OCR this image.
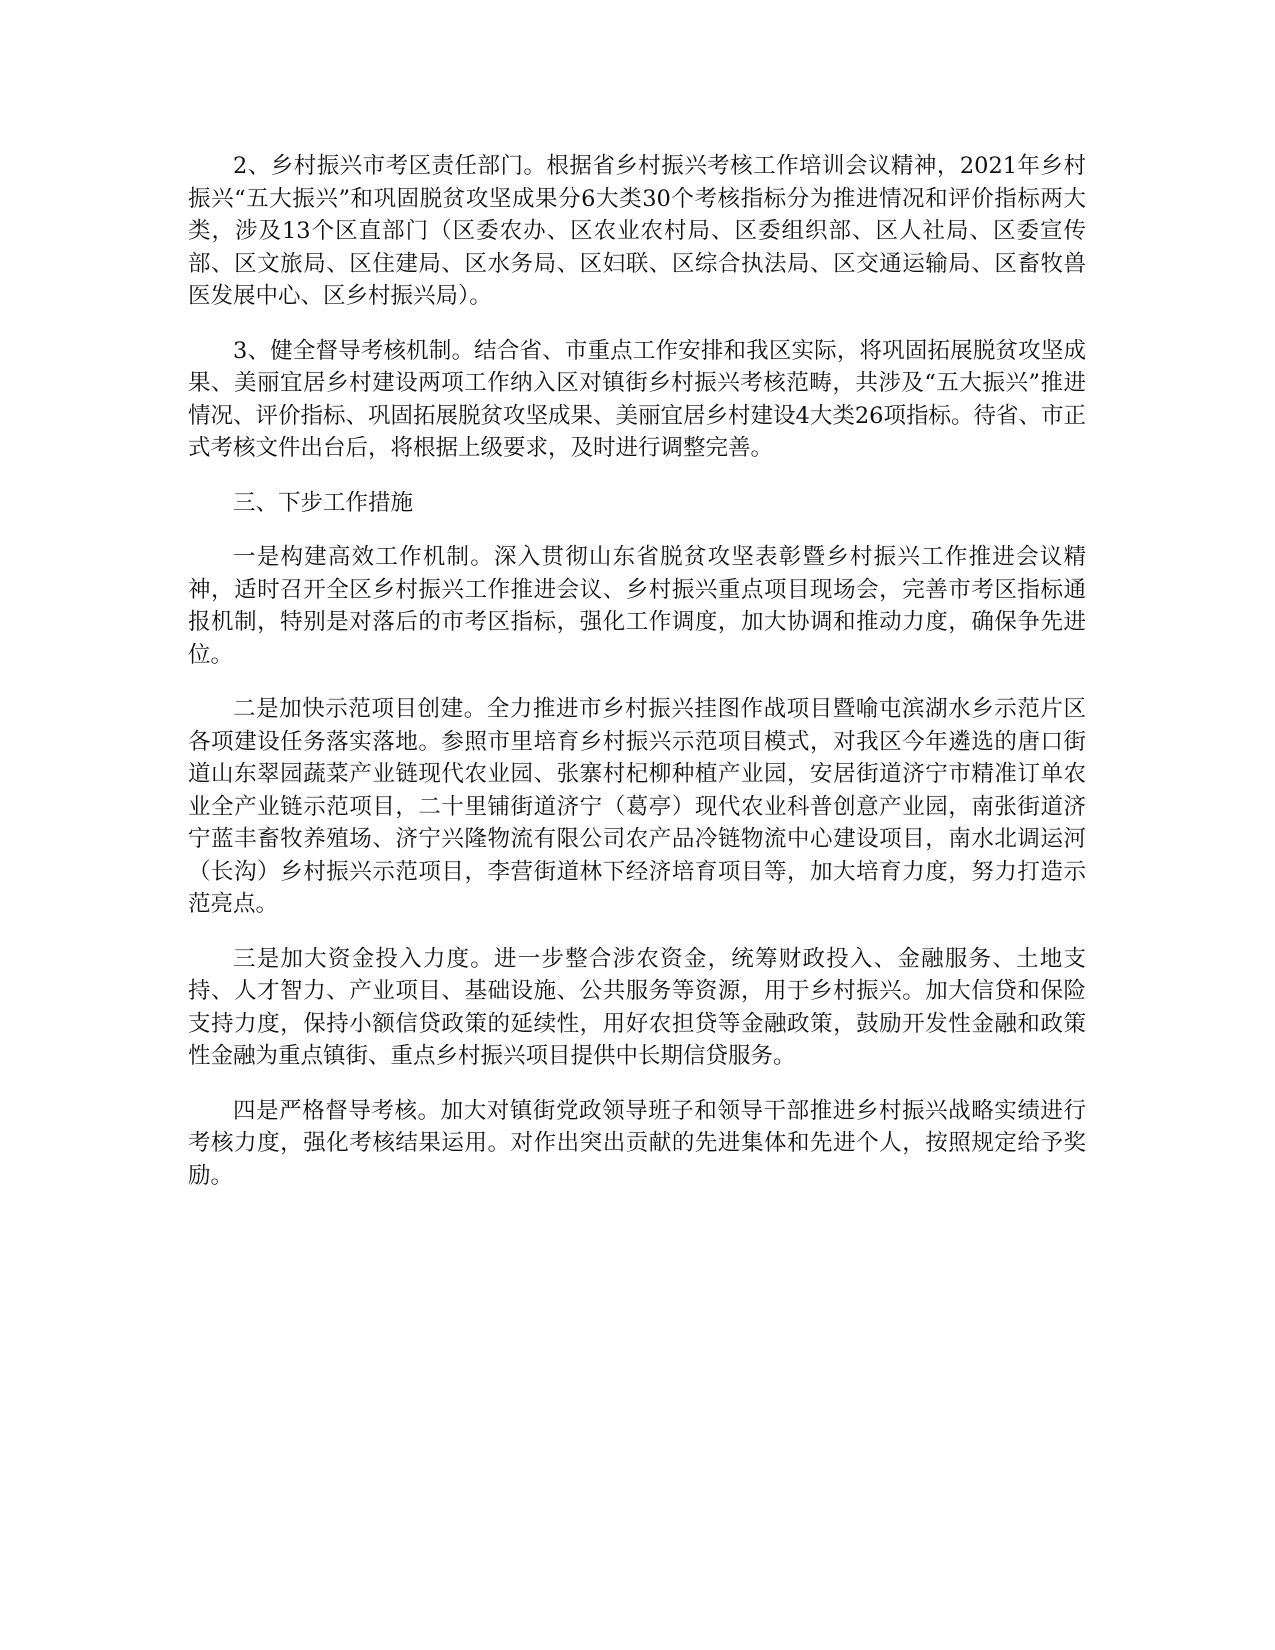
2、乡村振兴市考区责任部门。根据省乡村振兴考核工作培训会议精神，2021年乡村振兴“五大振兴”和巩固脱贫攻坚成果分6大类30个考核指标分为推进情况和评价指标两大类，涉及13个区直部门（区委农办、区农业农村局、区委组织部、区人社局、区委宣传部、区文旅局、区住建局、区水务局、区妇联、区综合执法局、区交通运输局、区畜牧兽医发展中心、区乡村振兴局）。

3、健全督导考核机制。结合省、市重点工作安排和我区实际，将巩固拓展脱贫攻坚成果、美丽宜居乡村建设两项工作纳入区对镇街乡村振兴考核范畴，共涉及“五大振兴”推进情况、评价指标、巩固拓展脱贫攻坚成果、美丽宜居乡村建设4大类26项指标。待省、市正式考核文件出台后，将根据上级要求，及时进行调整完善。

三、下步工作措施

一是构建高效工作机制。深入贯彻山东省脱贫攻坚表彰暨乡村振兴工作推进会议精神，适时召开全区乡村振兴工作推进会议、乡村振兴重点项目现场会，完善市考区指标通报机制，特别是对落后的市考区指标，强化工作调度，加大协调和推动力度，确保争先进位。

二是加快示范项目创建。全力推进市乡村振兴挂图作战项目暨喻屯滨湖水乡示范片区各项建设任务落实落地。参照市里培育乡村振兴示范项目模式，对我区今年遴选的唐口街道山东翠园蔬菜产业链现代农业园、张寨村杞柳种植产业园，安居街道济宁市精准订单农业全产业链示范项目，二十里铺街道济宁（葛亭）现代农业科普创意产业园，南张街道济宁蓝丰畜牧养殖场、济宁兴隆物流有限公司农产品冷链物流中心建设项目，南水北调运河（长沟）乡村振兴示范项目，李营街道林下经济培育项目等，加大培育力度，努力打造示范亮点。

三是加大资金投入力度。进一步整合涉农资金，统筹财政投入、金融服务、土地支持、人才智力、产业项目、基础设施、公共服务等资源，用于乡村振兴。加大信贷和保险支持力度，保持小额信贷政策的延续性，用好农担贷等金融政策，鼓励开发性金融和政策性金融为重点镇街、重点乡村振兴项目提供中长期信贷服务。

四是严格督导考核。加大对镇街党政领导班子和领导干部推进乡村振兴战略实绩进行考核力度，强化考核结果运用。对作出突出贡献的先进集体和先进个人，按照规定给予奖励。
